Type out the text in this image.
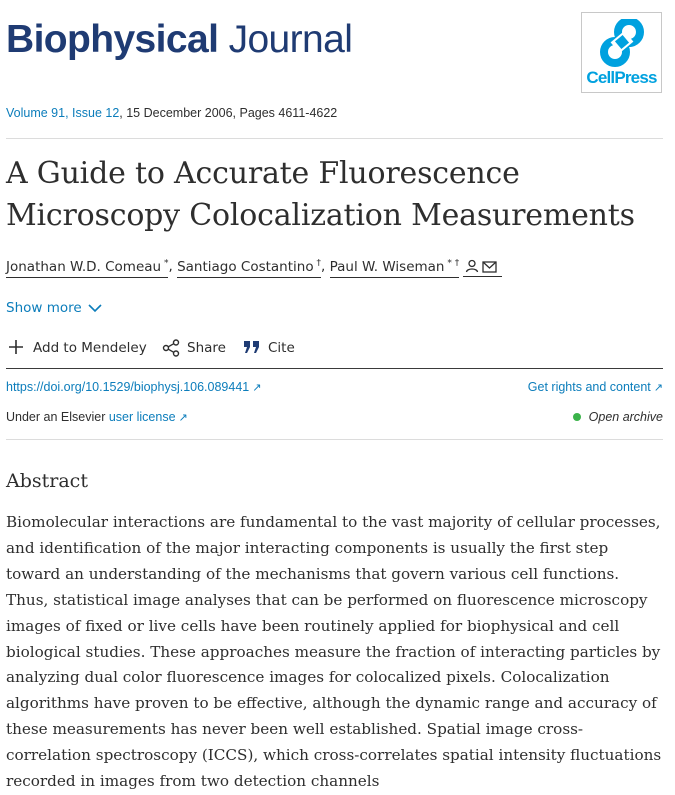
Biophysical Journal
CellPress
Volume 91, Issue 12, 15 December 2006, Pages 4611-4622
A Guide to Accurate Fluorescence Microscopy Colocalization Measurements
Jonathan W.D. Comeau *, Santiago Costantino †, Paul W. Wiseman * †
Show more
Add to Mendeley	Share	Cite
https://doi.org/10.1529/biophysj.106.089441 ↗	Get rights and content ↗
Under an Elsevier user license ↗	Open archive
Abstract

Biomolecular interactions are fundamental to the vast majority of cellular processes, and identification of the major interacting components is usually the first step toward an understanding of the mechanisms that govern various cell functions. Thus, statistical image analyses that can be performed on fluorescence microscopy images of fixed or live cells have been routinely applied for biophysical and cell biological studies. These approaches measure the fraction of interacting particles by analyzing dual color fluorescence images for colocalized pixels. Colocalization algorithms have proven to be effective, although the dynamic range and accuracy of these measurements has never been well established. Spatial image cross-correlation spectroscopy (ICCS), which cross-correlates spatial intensity fluctuations recorded in images from two detection channels
